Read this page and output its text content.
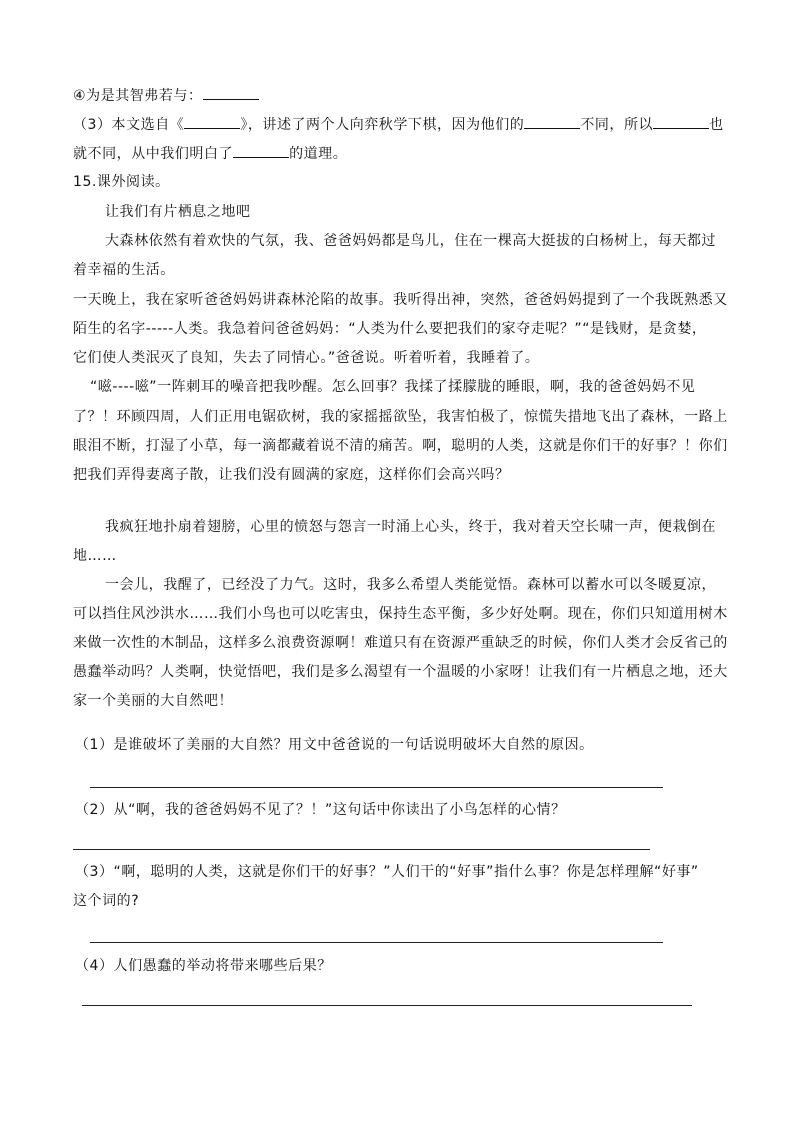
④为是其智弗若与：
（3）本文选自《	》，讲述了两个人向弈秋学下棋，因为他们的	不同，所以	也
就不同，从中我们明白了	的道理。
15.课外阅读。
让我们有片栖息之地吧
大森林依然有着欢快的气氛，我、爸爸妈妈都是鸟儿，住在一棵高大挺拔的白杨树上，每天都过
着幸福的生活。
一天晚上，我在家听爸爸妈妈讲森林沦陷的故事。我听得出神，突然，爸爸妈妈提到了一个我既熟悉又
陌生的名字-----人类。我急着问爸爸妈妈：“人类为什么要把我们的家夺走呢？”“是钱财，是贪婪，
它们使人类泯灭了良知，失去了同情心。”爸爸说。听着听着，我睡着了。
“嗞----嗞”一阵刺耳的噪音把我吵醒。怎么回事？我揉了揉朦胧的睡眼，啊，我的爸爸妈妈不见
了？！环顾四周，人们正用电锯砍树，我的家摇摇欲坠，我害怕极了，惊慌失措地飞出了森林，一路上
眼泪不断，打湿了小草，每一滴都藏着说不清的痛苦。啊，聪明的人类，这就是你们干的好事？！你们
把我们弄得妻离子散，让我们没有圆满的家庭，这样你们会高兴吗？
我疯狂地扑扇着翅膀，心里的愤怒与怨言一时涌上心头，终于，我对着天空长啸一声，便栽倒在
地……
一会儿，我醒了，已经没了力气。这时，我多么希望人类能觉悟。森林可以蓄水可以冬暖夏凉，
可以挡住风沙洪水……我们小鸟也可以吃害虫，保持生态平衡，多少好处啊。现在，你们只知道用树木
来做一次性的木制品，这样多么浪费资源啊！难道只有在资源严重缺乏的时候，你们人类才会反省己的
愚蠢举动吗？人类啊，快觉悟吧，我们是多么渴望有一个温暖的小家呀！让我们有一片栖息之地，还大
家一个美丽的大自然吧！
（1）是谁破坏了美丽的大自然？用文中爸爸说的一句话说明破坏大自然的原因。
（2）从“啊，我的爸爸妈妈不见了？！”这句话中你读出了小鸟怎样的心情？
（3）“啊，聪明的人类，这就是你们干的好事？”人们干的“好事”指什么事？你是怎样理解“好事”
这个词的?
（4）人们愚蠢的举动将带来哪些后果？
